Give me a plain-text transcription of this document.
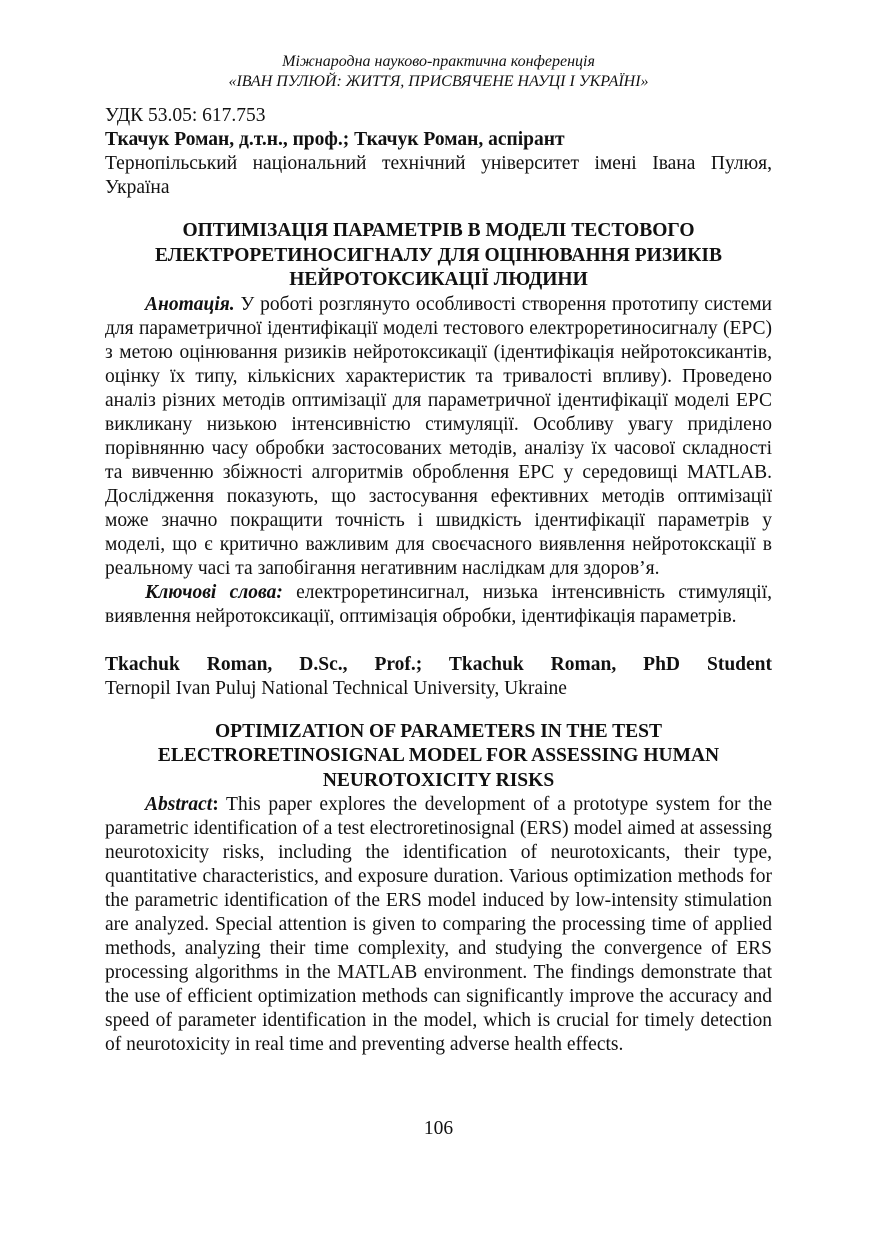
Міжнародна науково-практична конференція
«ІВАН ПУЛЮЙ: ЖИТТЯ, ПРИСВЯЧЕНЕ НАУЦІ І УКРАЇНІ»

УДК 53.05: 617.753

Ткачук Роман, д.т.н., проф.; Ткачук Роман, аспірант

Тернопільський національний технічний університет імені Івана Пулюя, Україна

ОПТИМІЗАЦІЯ ПАРАМЕТРІВ В МОДЕЛІ ТЕСТОВОГО
ЕЛЕКТРОРЕТИНОСИГНАЛУ ДЛЯ ОЦІНЮВАННЯ РИЗИКІВ
НЕЙРОТОКСИКАЦІЇ ЛЮДИНИ

Анотація. У роботі розглянуто особливості створення прототипу системи для параметричної ідентифікації моделі тестового електроретиносигналу (ЕРС) з метою оцінювання ризиків нейротоксикації (ідентифікація нейротоксикантів, оцінку їх типу, кількісних характеристик та тривалості впливу). Проведено аналіз різних методів оптимізації для параметричної ідентифікації моделі ЕРС викликану низькою інтенсивністю стимуляції. Особливу увагу приділено порівнянню часу обробки застосованих методів, аналізу їх часової складності та вивченню збіжності алгоритмів оброблення ЕРС у середовищі MATLAB. Дослідження показують, що застосування ефективних методів оптимізації може значно покращити точність і швидкість ідентифікації параметрів у моделі, що є критично важливим для своєчасного виявлення нейротокскації в реальному часі та запобігання негативним наслідкам для здоров’я.

Ключові слова: електроретинсигнал, низька інтенсивність стимуляції, виявлення нейротоксикації, оптимізація обробки, ідентифікація параметрів.

Tkachuk Roman, D.Sc., Prof.; Tkachuk Roman, PhD Student

Ternopil Ivan Puluj National Technical University, Ukraine

OPTIMIZATION OF PARAMETERS IN THE TEST
ELECTRORETINOSIGNAL MODEL FOR ASSESSING HUMAN
NEUROTOXICITY RISKS

Abstract: This paper explores the development of a prototype system for the parametric identification of a test electroretinosignal (ERS) model aimed at assessing neurotoxicity risks, including the identification of neurotoxicants, their type, quantitative characteristics, and exposure duration. Various optimization methods for the parametric identification of the ERS model induced by low-intensity stimulation are analyzed. Special attention is given to comparing the processing time of applied methods, analyzing their time complexity, and studying the convergence of ERS processing algorithms in the MATLAB environment. The findings demonstrate that the use of efficient optimization methods can significantly improve the accuracy and speed of parameter identification in the model, which is crucial for timely detection of neurotoxicity in real time and preventing adverse health effects.

106
